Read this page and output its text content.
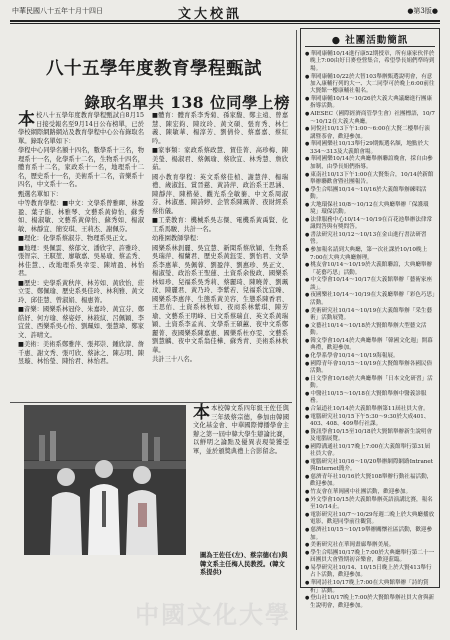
中華民國八十五年十月十四日	文大校訊	●第3版●
八十五學年度教育學程甄試
錄取名單共 138 位同學上榜
本 校八十五學年度教育學程甄試自8月15日接受報名至9月14日公布榜單，已於學校網際網路網站及教育學程中心公布錄取名單。錄取名單如下：

學程中心同學名額十四名，數學系十三名，物理系十一名，化學系十二名，生物系十四名，體育系十二名，家政系十一名，地理系十二名，歷史系十一名，美術系十二名，音樂系十四名，中文系十一名。

甄選名單如下：

中等教育學程：■中文：文學系曾雅暉、林盈盈、葉子維、林雅琴、文藝系黃偉怡、蘇秀如、楊淑敏、文藝系黃偉怡、蘇秀如、楊淑敏、林靜宜、簡安琪、王莉杰、謝佩芬。

■理化：化學系蔡淑芬、物理系吳正文。

■地理：吳佩雲、蔡郁文、潘欣宇、許雅玲、張智宗、王馭堃、廖敏嘉、吳易瑜、蔡孟秀、林佳慧、、改地理系吳幸雯、陳靖盈、林怡君。

■歷史：史學系黃秋萍、林芳如、黃欣怡、莊立雯、鄭佩瑜、歷史系吳佳玲、林利雅、黃文玲、邱佳慧、曾淑娟、楊惠菁。

■音樂：國樂系林冠伶、朱嘉玲、黃宜芬、鄭皓妤、何方瑜、蔡姿妤、林筱紋、呂佩穎、李宜萱、西樂系吳心怡、劉珮如、張慧瑋、鄭家文、許晴文。

■美術：美術系鄭雅萍、張邦崇、鍾欣淳、詹千惠、謝文秀、張可欣、蔡詠之、陳志明、陳昱璇、林怡瑩、陳怡君、林怡君。

■體育：體育系李秀菊、孫家馥、鄭主遠、曾嘉慧、陳宏鈞、陳玟玲、黃文碩、張育秀、林仁義、陳敏華、楊淳芳、劉倩伶、蔡嘉嘉、蔡紅吟。

■家事類：家政系蔡政慧、賀佳菁、高珍梅、陳美瑩、楊淑君、蔡佩瑜、蔡欣宜、林秀慧、詹欣茹。

國小教育學程：英文系蔡佳楨、謝慧萍、楊瑞禮、歲淑鈺、賞晉慈、黃詩萍、政治系王思涵、陳靜萍、陳楷晏、觀光系全敏蓁、中文系周淑芬、林淑惠、陳詩婷、企管系陳珮菁、夜財經系蔡佑儀。

■工業教育：機械系吳志傑、電機系黃禹賢、化工系馬駿、共計一名。

幼稚園教師學程：

國樂系林釗麗、吳宜慧、新聞系蔡欣穎、生物系吳瑞萍、楊蘭君、歷史系黃鈺雯、劉怡君、文學系李惠華、吳佩蓉、劉盈萍、劉惠珍、吳正文、楊淑瑩、政治系王聖蓮、土資系余俊政、國樂系林如珍、兒福系吳秀莉、蔡麗琦、陳曉菁、劉珮玟、陳麗君、黃乃玲、李紫若、兒福系沈宜臻、國樂系李惠萍、生態系黃美容、生態系陳香君、王思佑、土資系林秋如、夜商系林紫琪、陳芳瑜、文藝系王明峰、日文系蔡瑞貞、英文系黃瑞穎、土資系李孟真、文學系王碩蕙、夜中文系鄭麗菁、夜國樂系陳嘉惠、國樂系杜亦雯、文藝系劉慧麟、夜中文系翁佳樺、蘇秀青、美術系林秋華。

共計三十八名。

本 本校韓文系四年級王佐任與三年級蔡宗德，參加由韓國文化基金會、中華國際傳播學會主辦之第一屆中韓大學生辯論比賽，以鮮明之論點及優異表現榮獲亞軍，並於頒獎典禮上合影留念。

圖為王佐任(左)、蔡宗德(右)與韓文系主任梅人民教授。(韓文系提供)
● 社團活動簡訊
●華岡康輔10/14進行康52期授章，所有康家伙伴於晚上7:00由好日麥登營集合，希望學長姐們準時到場。
●華岡康輔10/22於大智103舉辦甄選說明會，有意加入康輔行列的大一、大二同學可於晚上6:00前往大賢館一樓康輔社報名。
●華岡康輔10/14～10/26於大義大典議廳進行團康指導活動。
●AIESEC（國際經濟商管學生會）社團標語，10/7～10/12在大義大典廳。
●同悅社10/13下午1:00～6:00在大賢二樓舉行演講暨茶會，歡迎參加。
●華岡國樂社10/13舉行29期甄選名額，地點於大334～313及大義館會場。
●華岡國樂10/14於大典廳舉辦聯誼晚會，採自由參加制，由學長姐們指導。
●東南社10/13下午1:00在大賢集合，10/14於新館舉辦聯歡會暨社團報告。
●學生合唱團10/14～10/16於大義館舉辦練唱活動。
●大地環保社10/8～10/12在大典廳舉辦「保護環境」環保活動。
●法律服務中心10/14～10/19在百花池舉辦法律常識問答與有獎問答。
●書法研究社10/12～10/13在金山進行書法研習營。
●參加報名請到大典廳，第一次社課於10/10晚上7:00在大典大典廳辦理。
●桃友會10/14～10/19於大義館聯誼，大典廳舉辦「花藝巧思」活動。
●中文學會10/14～10/17在大義館舉辦「藝術家座談」。
●夜國樂社10/14～10/19在大義廳舉辦「彩色巧思」活動。
●美術研究社10/14～10/19在大義館舉辦「采生藝術」活動展覽。
●文藝社10/14～10/18於大賢館舉辦大型藝文活動。
●韓文學會10/14於大典廳舉辦「韓國文化週」開幕典禮，歡迎參加。
●化學系學會10/14～10/19海報展。
●國際青年會10/15～10/19在大賢館舉辦各國民俗活動。
●日文學會10/16於大典廳舉辦「日本文化研習」活動。
●中醫社10/15～10/18在大賢館舉辦中醫義診服務。
●合氣道社10/14於大義館舉辦第11屆社員大會。
●電腦研究社10/15下午5:30～9:30於大成401、403、408、409舉行社課。
●資訊學會10/15至10/18於大賢館舉辦新生說明會及電腦展覽。
●國際溝通社10/17晚上7:00在大義館舉行第31屆社員大會。
●電腦研究社10/16～10/20舉辦網際網路Intranet與Internet簡介。
●慈濟青年社10/16於大賢108舉辦行動社福活動，歡迎參加。
●竹友會在華岡國中社團活動，歡迎參加。
●外文學會10/15於大義館舉辦英語演講比賽，報名至10/14止。
●電影研究社10/7～10/29每週二晚上於大典廳播放電影，歡迎同學前往觀賞。
●慈濟社10/15～10/19舉辦關懷社區活動，歡迎參加。
●美術研究社在華岡畫廊舉辦美展。
●學生合唱團10/17晚上7:00於大典廳舉行第二十一屆團員大會暨期初音樂會，歡迎蒞臨。
●易學研究社10/14、10/15日晚上於大賢413舉行占卜活動，歡迎參加。
●華岡詩社10/17晚上7:00在大典館舉辦「詩的賞析」活動。
●登山社10/17晚上7:00於大賢館舉辦社員大會與新生說明會，歡迎參加。
中國文化大學
